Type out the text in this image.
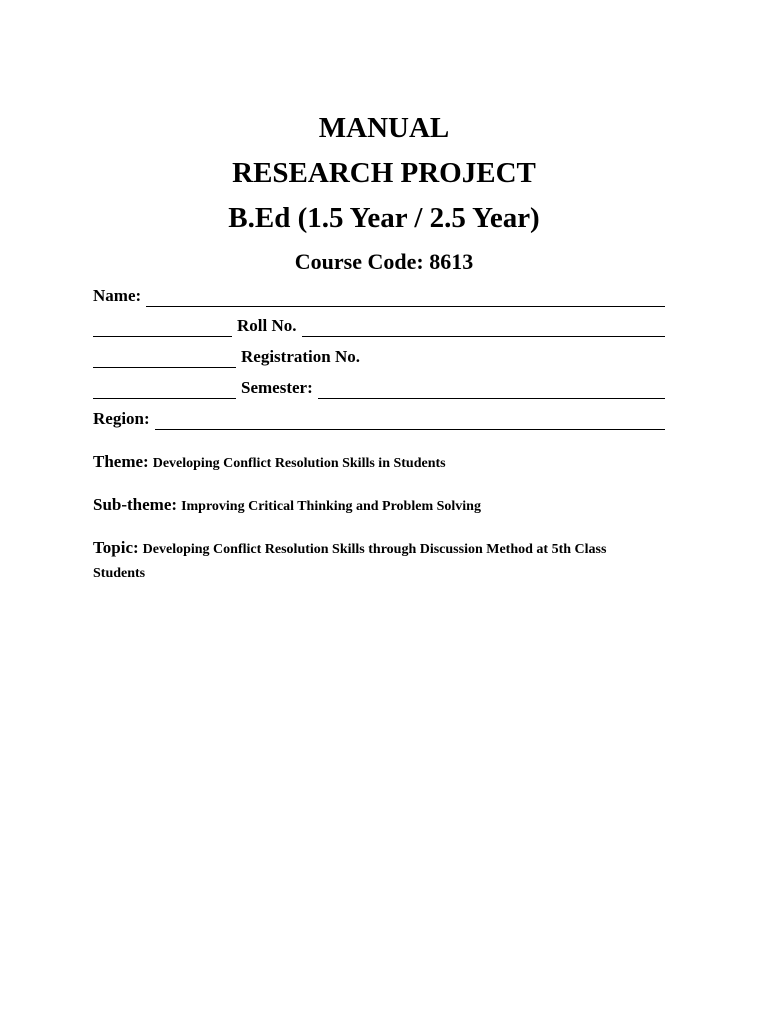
MANUAL
RESEARCH PROJECT
B.Ed (1.5 Year / 2.5 Year)
Course Code: 8613
Name:
Roll No.
Registration No.
Semester:
Region:
Theme: Developing Conflict Resolution Skills in Students
Sub-theme: Improving Critical Thinking and Problem Solving
Topic: Developing Conflict Resolution Skills through Discussion Method at 5th Class
Students
